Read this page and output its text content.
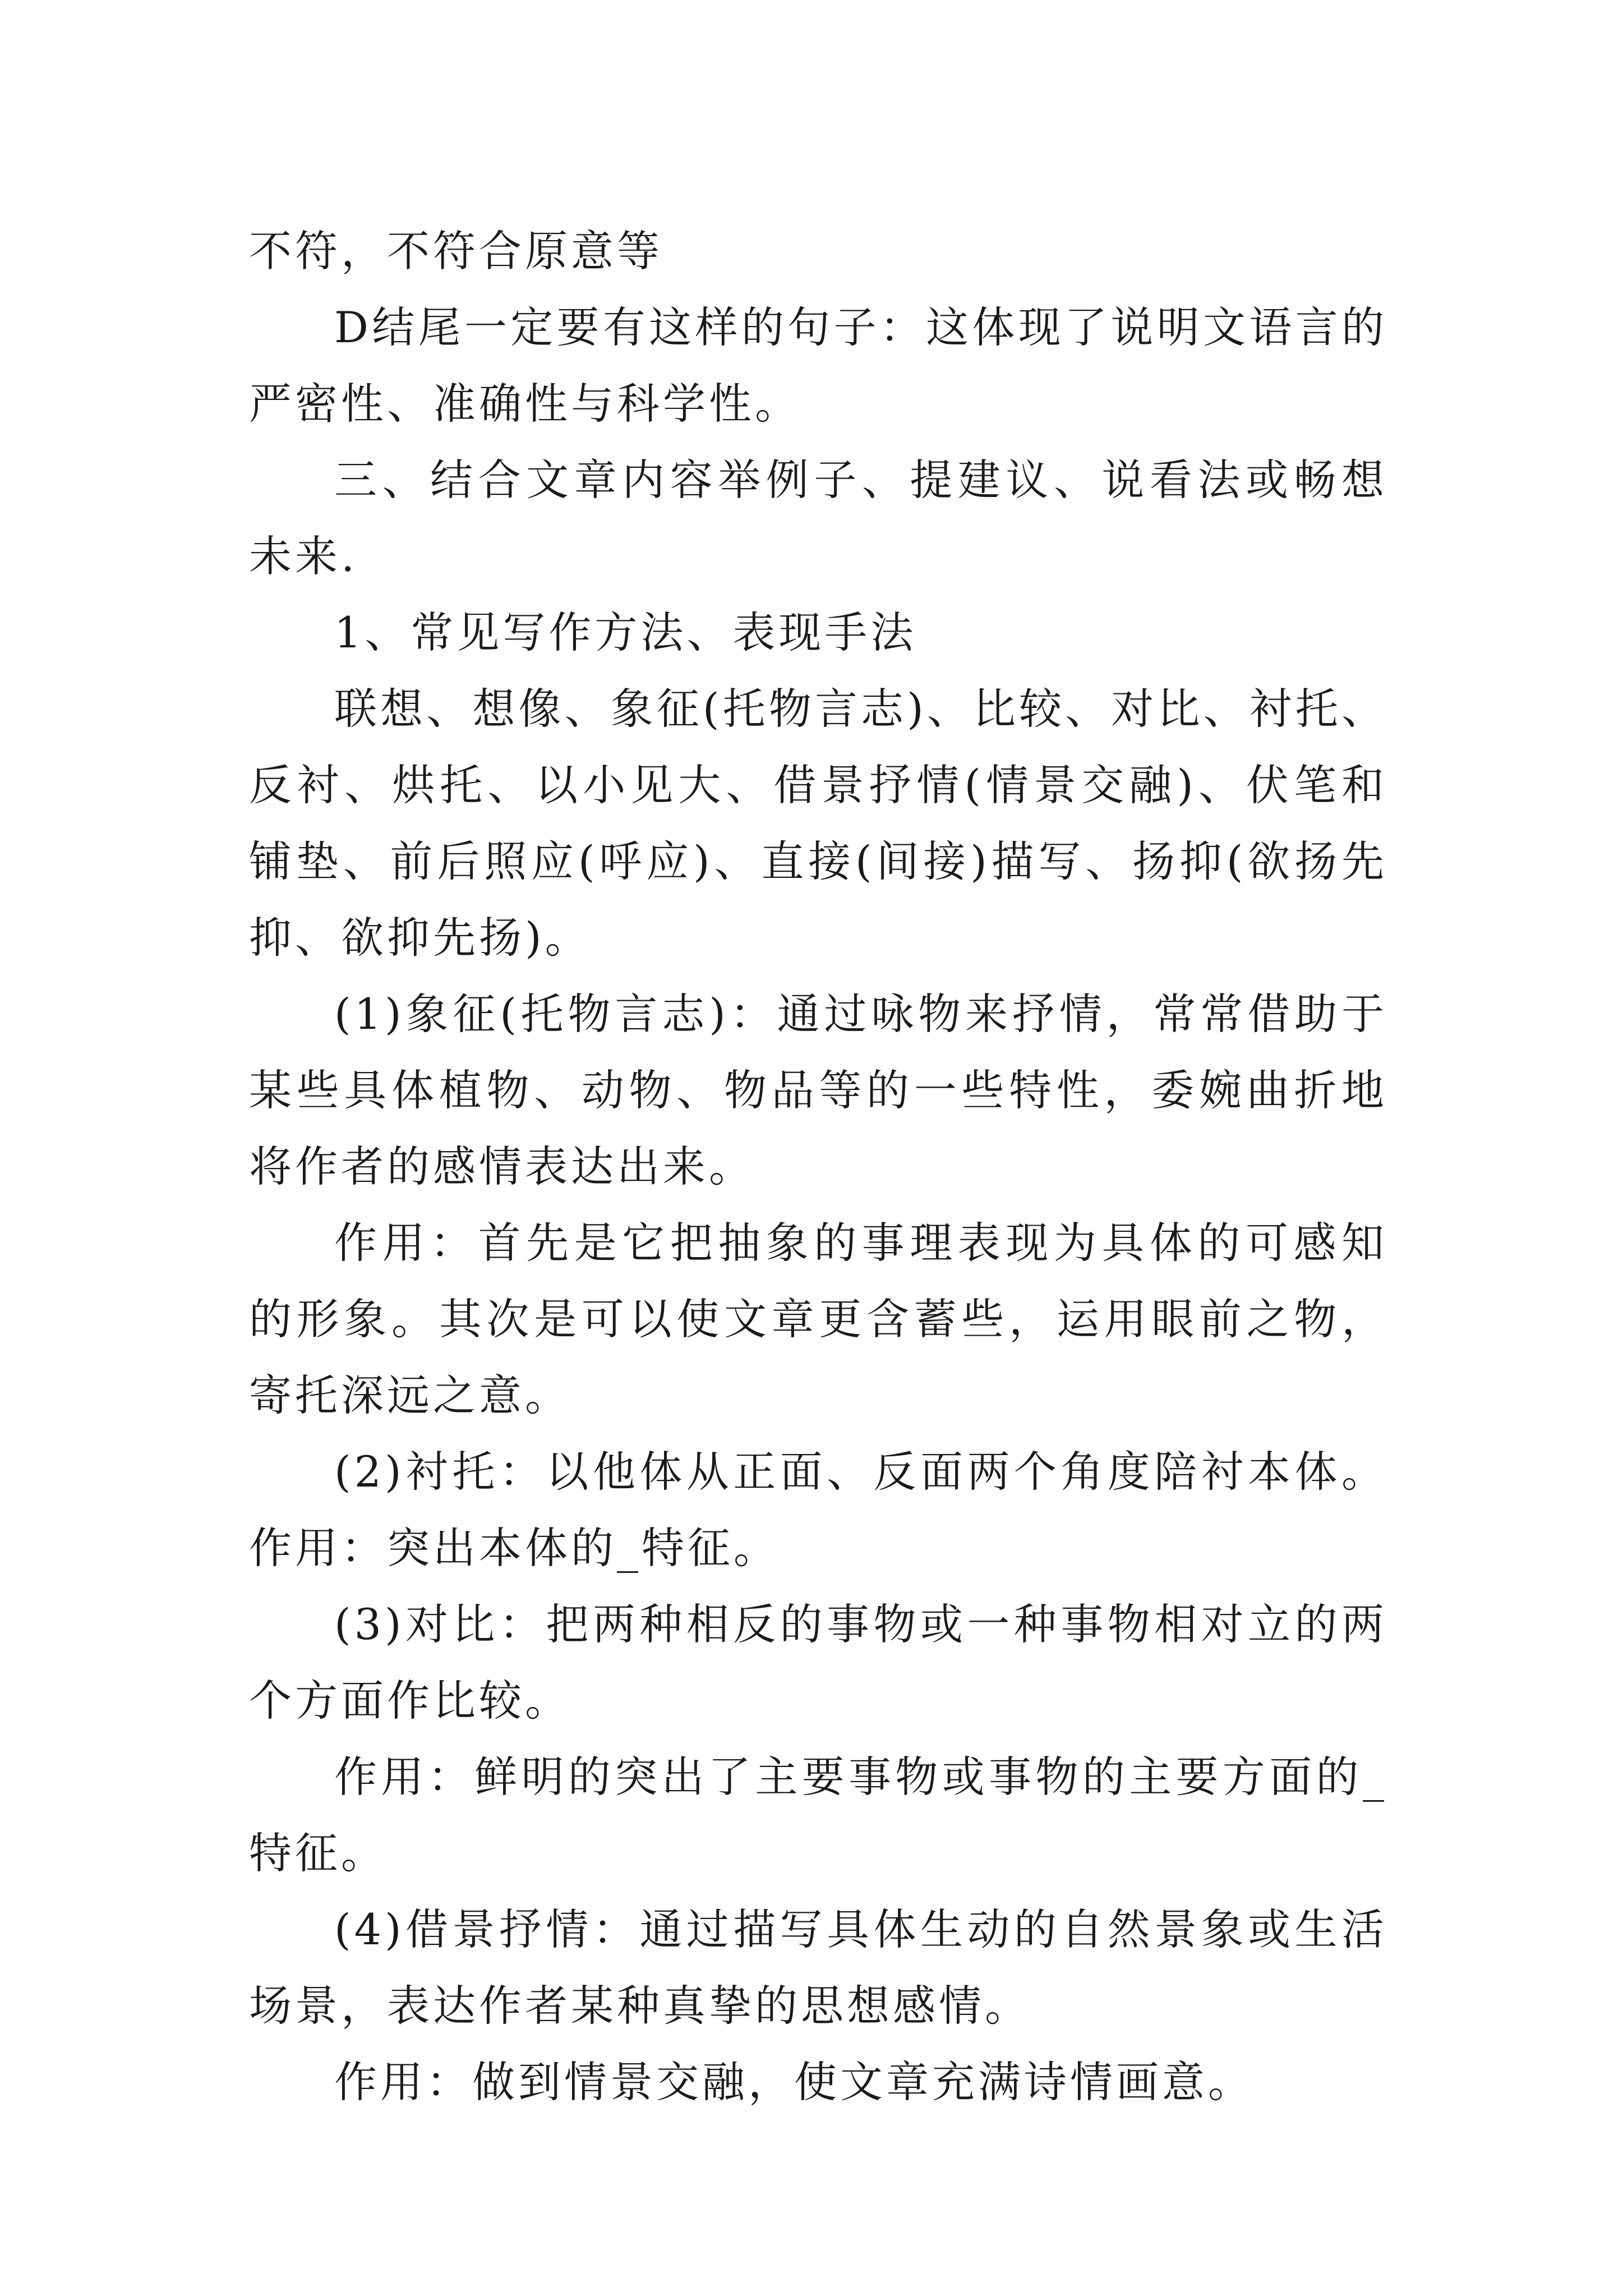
不符，不符合原意等

D结尾一定要有这样的句子：这体现了说明文语言的严密性、准确性与科学性。

三、结合文章内容举例子、提建议、说看法或畅想未来.

1、常见写作方法、表现手法

联想、想像、象征(托物言志)、比较、对比、衬托、反衬、烘托、以小见大、借景抒情(情景交融)、伏笔和铺垫、前后照应(呼应)、直接(间接)描写、扬抑(欲扬先抑、欲抑先扬)。

(1)象征(托物言志)：通过咏物来抒情，常常借助于某些具体植物、动物、物品等的一些特性，委婉曲折地将作者的感情表达出来。

作用：首先是它把抽象的事理表现为具体的可感知的形象。其次是可以使文章更含蓄些，运用眼前之物，寄托深远之意。

(2)衬托：以他体从正面、反面两个角度陪衬本体。作用：突出本体的_特征。

(3)对比：把两种相反的事物或一种事物相对立的两个方面作比较。

作用：鲜明的突出了主要事物或事物的主要方面的_特征。

(4)借景抒情：通过描写具体生动的自然景象或生活场景，表达作者某种真挚的思想感情。

作用：做到情景交融，使文章充满诗情画意。
